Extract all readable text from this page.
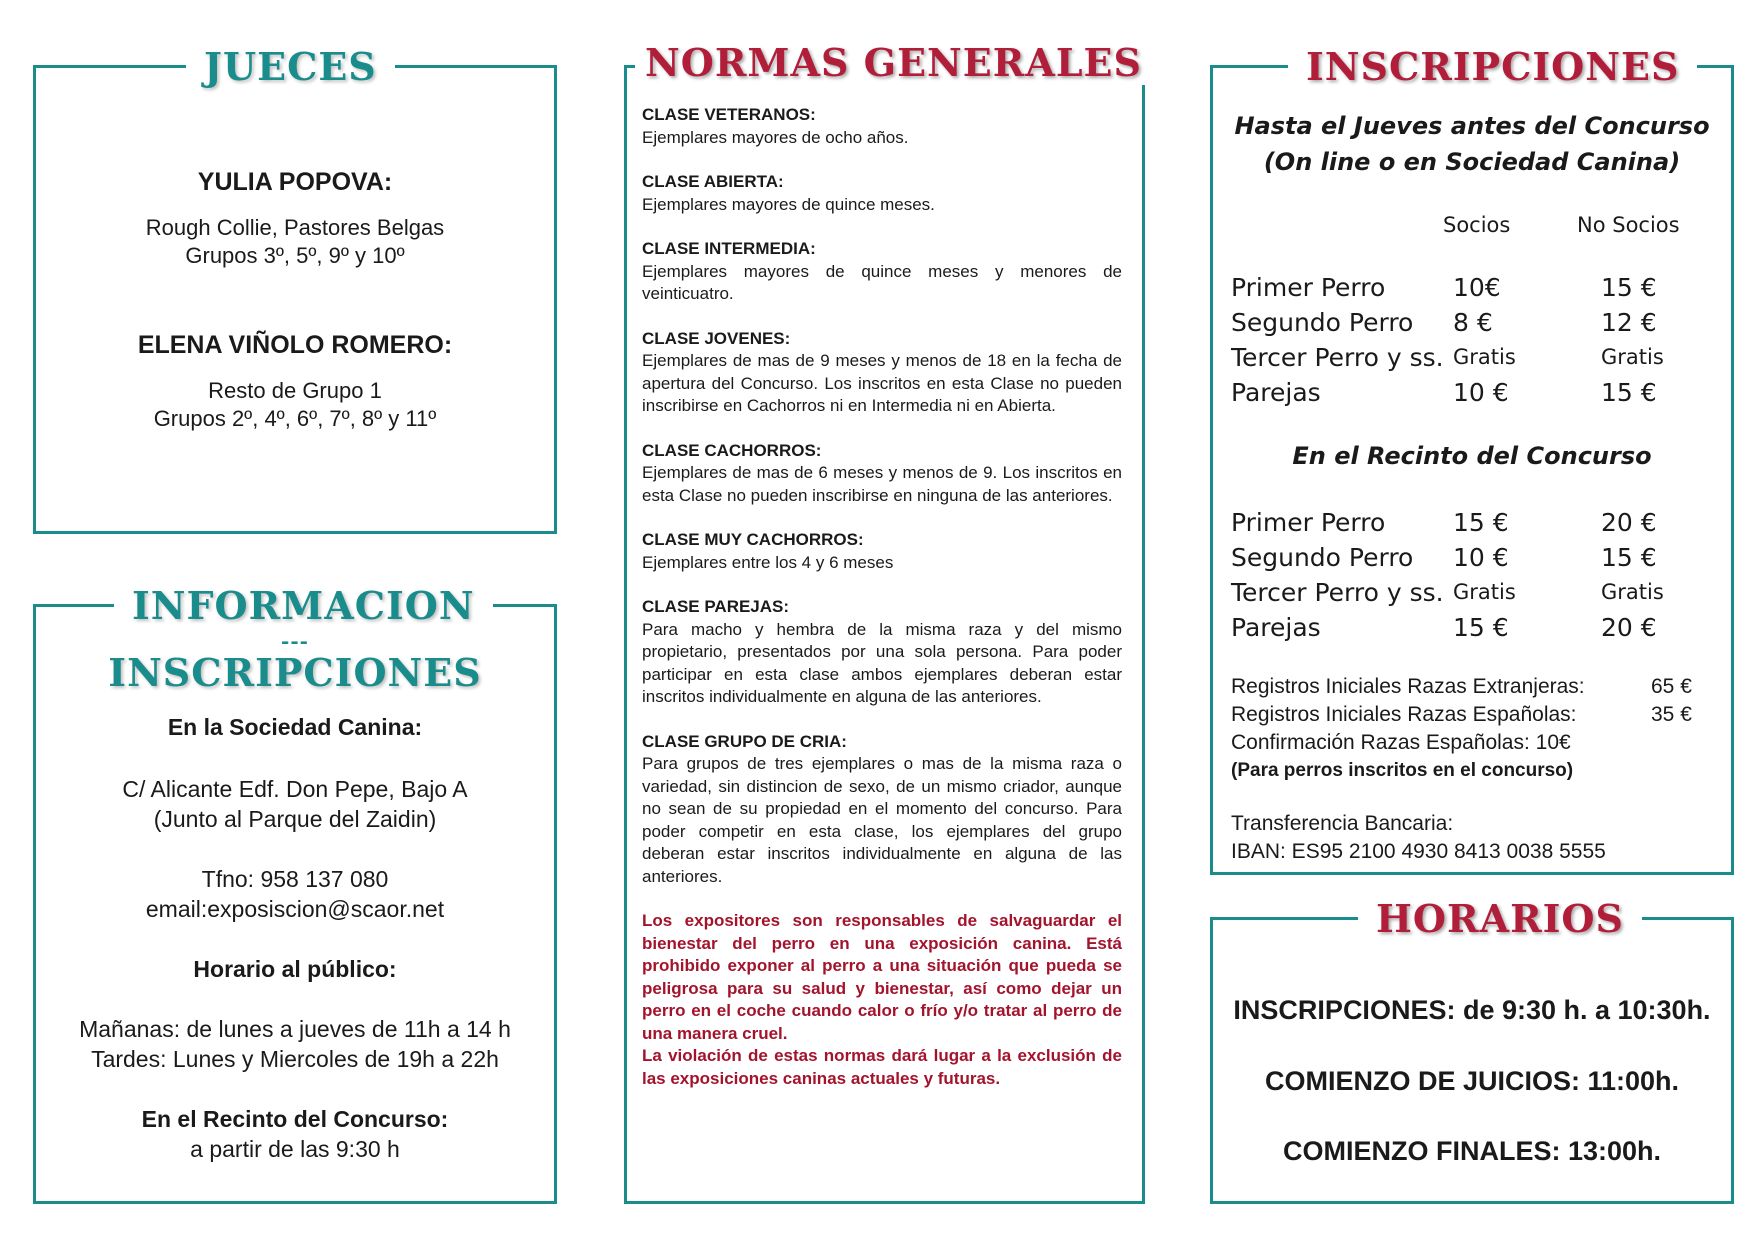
JUECES
YULIA POPOVA:
Rough Collie, Pastores Belgas
Grupos 3º, 5º, 9º y 10º
ELENA VIÑOLO ROMERO:
Resto de Grupo 1
Grupos 2º, 4º, 6º, 7º, 8º y 11º
INFORMACION
---
INSCRIPCIONES
En la Sociedad Canina:
C/ Alicante Edf. Don Pepe, Bajo A
(Junto al Parque del Zaidin)
Tfno: 958 137 080
email:exposiscion@scaor.net
Horario al público:
Mañanas: de lunes a jueves de 11h a 14 h
Tardes: Lunes y Miercoles de 19h a 22h
En el Recinto del Concurso:
a partir de las 9:30 h
NORMAS GENERALES
CLASE VETERANOS:
Ejemplares mayores de ocho años.
CLASE ABIERTA:
Ejemplares mayores de quince meses.
CLASE INTERMEDIA:
Ejemplares mayores de quince meses y menores de veinticuatro.
CLASE JOVENES:
Ejemplares de mas de 9 meses y menos de 18 en la fecha de apertura del Concurso. Los inscritos en esta Clase no pueden inscribirse en Cachorros ni en Intermedia ni en Abierta.
CLASE CACHORROS:
Ejemplares de mas de 6 meses y menos de 9. Los inscritos en esta Clase no pueden inscribirse en ninguna de las anteriores.
CLASE MUY CACHORROS:
Ejemplares entre los 4 y 6 meses
CLASE PAREJAS:
Para macho y hembra de la misma raza y del mismo propietario, presentados por una sola persona. Para poder participar en esta clase ambos ejemplares deberan estar inscritos individualmente en alguna de las anteriores.
CLASE GRUPO DE CRIA:
Para grupos de tres ejemplares o mas de la misma raza o variedad, sin distincion de sexo, de un mismo criador, aunque no sean de su propiedad en el momento del concurso. Para poder competir en esta clase, los ejemplares del grupo deberan estar inscritos individualmente en alguna de las anteriores.
Los expositores son responsables de salvaguardar el bienestar del perro en una exposición canina. Está prohibido exponer al perro a una situación que pueda se peligrosa para su salud y bienestar, así como dejar un perro en el coche cuando calor o frío y/o tratar al perro de una manera cruel.
La violación de estas normas dará lugar a la exclusión de las exposiciones caninas actuales y futuras.
INSCRIPCIONES
Hasta el Jueves antes del Concurso
(On line o en Sociedad Canina)
Socios	No Socios
Primer Perro	10€	15 €
Segundo Perro 8 €	12 €
Tercer Perro y ss. Gratis	Gratis
Parejas	10 €	15 €
En el Recinto del Concurso
Primer Perro	15 €	20 €
Segundo Perro 10 €	15 €
Tercer Perro y ss. Gratis	Gratis
Parejas	15 €	20 €
Registros Iniciales Razas Extranjeras:	65 €
Registros Iniciales Razas Españolas:	35 €
Confirmación Razas Españolas: 10€
(Para perros inscritos en el concurso)
Transferencia Bancaria:
IBAN: ES95 2100 4930 8413 0038 5555
HORARIOS
INSCRIPCIONES: de 9:30 h. a 10:30h.
COMIENZO DE JUICIOS: 11:00h.
COMIENZO FINALES: 13:00h.
